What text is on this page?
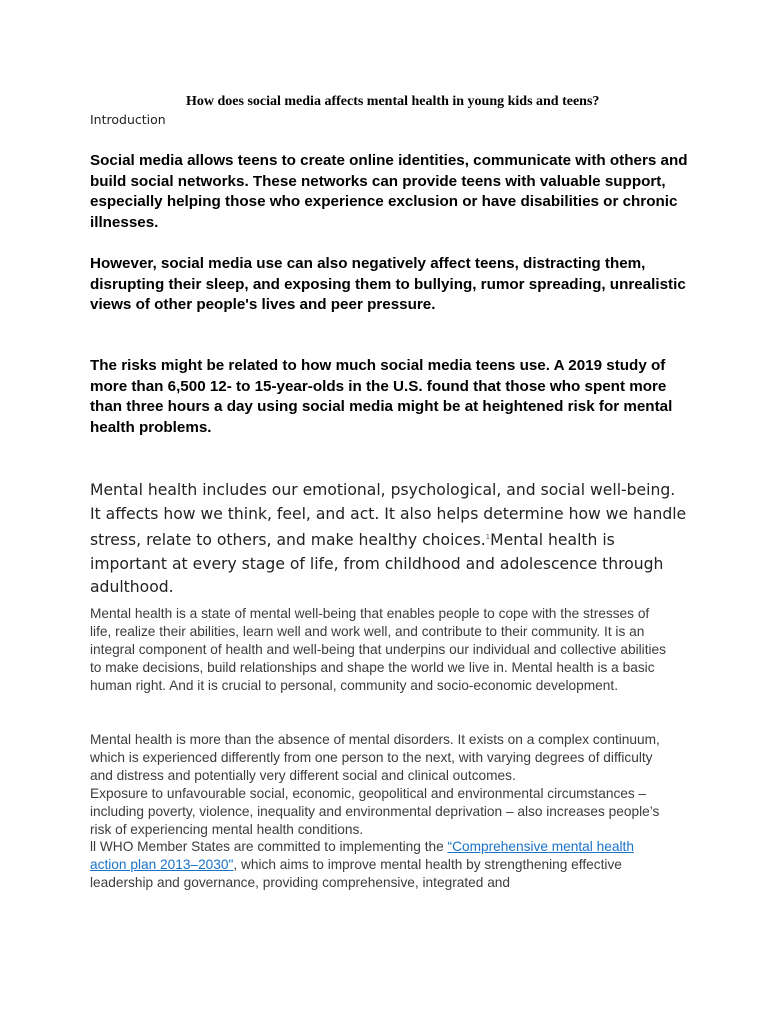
How does social media affects mental health in young kids and teens?
Introduction

Social media allows teens to create online identities, communicate with others and build social networks. These networks can provide teens with valuable support, especially helping those who experience exclusion or have disabilities or chronic illnesses.

However, social media use can also negatively affect teens, distracting them, disrupting their sleep, and exposing them to bullying, rumor spreading, unrealistic views of other people's lives and peer pressure.

The risks might be related to how much social media teens use. A 2019 study of more than 6,500 12- to 15-year-olds in the U.S. found that those who spent more than three hours a day using social media might be at heightened risk for mental health problems.

Mental health includes our emotional, psychological, and social well-being. It affects how we think, feel, and act. It also helps determine how we handle stress, relate to others, and make healthy choices.$^1$Mental health is important at every stage of life, from childhood and adolescence through adulthood.

Mental health is a state of mental well-being that enables people to cope with the stresses of life, realize their abilities, learn well and work well, and contribute to their community. It is an integral component of health and well-being that underpins our individual and collective abilities to make decisions, build relationships and shape the world we live in. Mental health is a basic human right. And it is crucial to personal, community and socio-economic development.

Mental health is more than the absence of mental disorders. It exists on a complex continuum, which is experienced differently from one person to the next, with varying degrees of difficulty and distress and potentially very different social and clinical outcomes.
Exposure to unfavourable social, economic, geopolitical and environmental circumstances – including poverty, violence, inequality and environmental deprivation – also increases people’s risk of experiencing mental health conditions.
ll WHO Member States are committed to implementing the “Comprehensive mental health action plan 2013–2030", which aims to improve mental health by strengthening effective leadership and governance, providing comprehensive, integrated and
